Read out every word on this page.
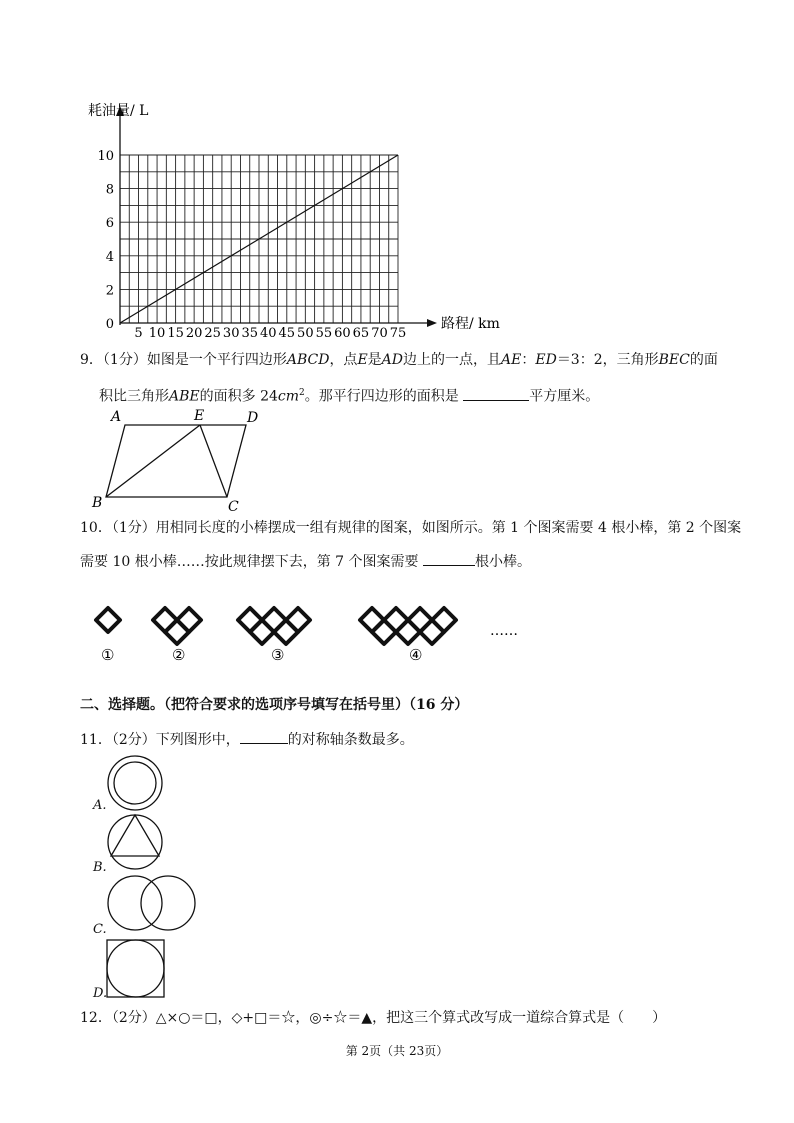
0
2
4
6
8
10
5 10 15 20 25 30 35 40 45 50 55 60 65 70 75
耗油量/ L
路程/ km
9．（1分）如图是一个平行四边形ABCD，点E是AD边上的一点，且AE：ED＝3：2，三角形BEC的面
积比三角形ABE的面积多 $24cm^2$。那平行四边形的面积是	平方厘米。
A	E	D
B	C
10．（1分）用相同长度的小棒摆成一组有规律的图案，如图所示。第 1 个图案需要 4 根小棒，第 2 个图案
需要 10 根小棒……按此规律摆下去，第 7 个图案需要	根小棒。
①	②	③	④
……
二、选择题。（把符合要求的选项序号填写在括号里）（16 分）
11．（2分）下列图形中，	的对称轴条数最多。
A.
B.
C.
D.
12．（2分）△×○＝□，◇+□＝☆，◎÷☆＝▲，把这三个算式改写成一道综合算式是（　　）
第 2页（共 23页）
